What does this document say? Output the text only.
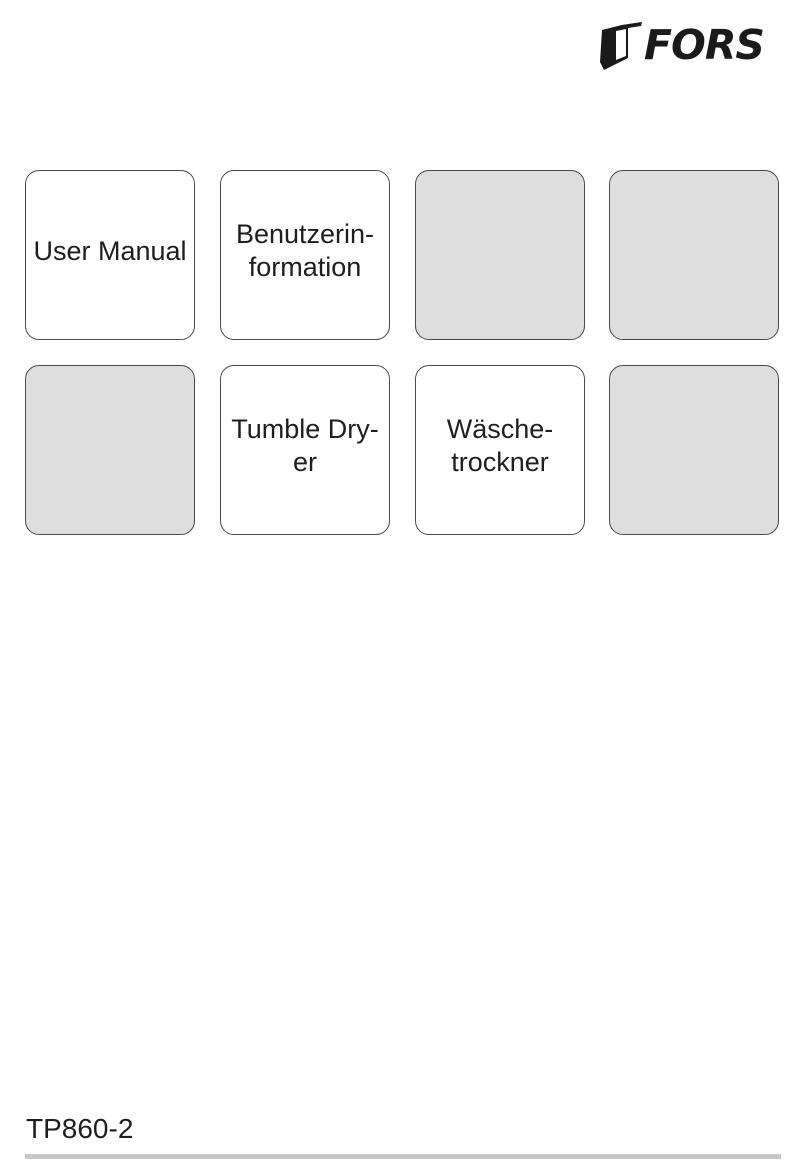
FORS
User Manual
Benutzerin-
formation
Tumble Dry-
er
Wäsche-
trockner
TP860-2
